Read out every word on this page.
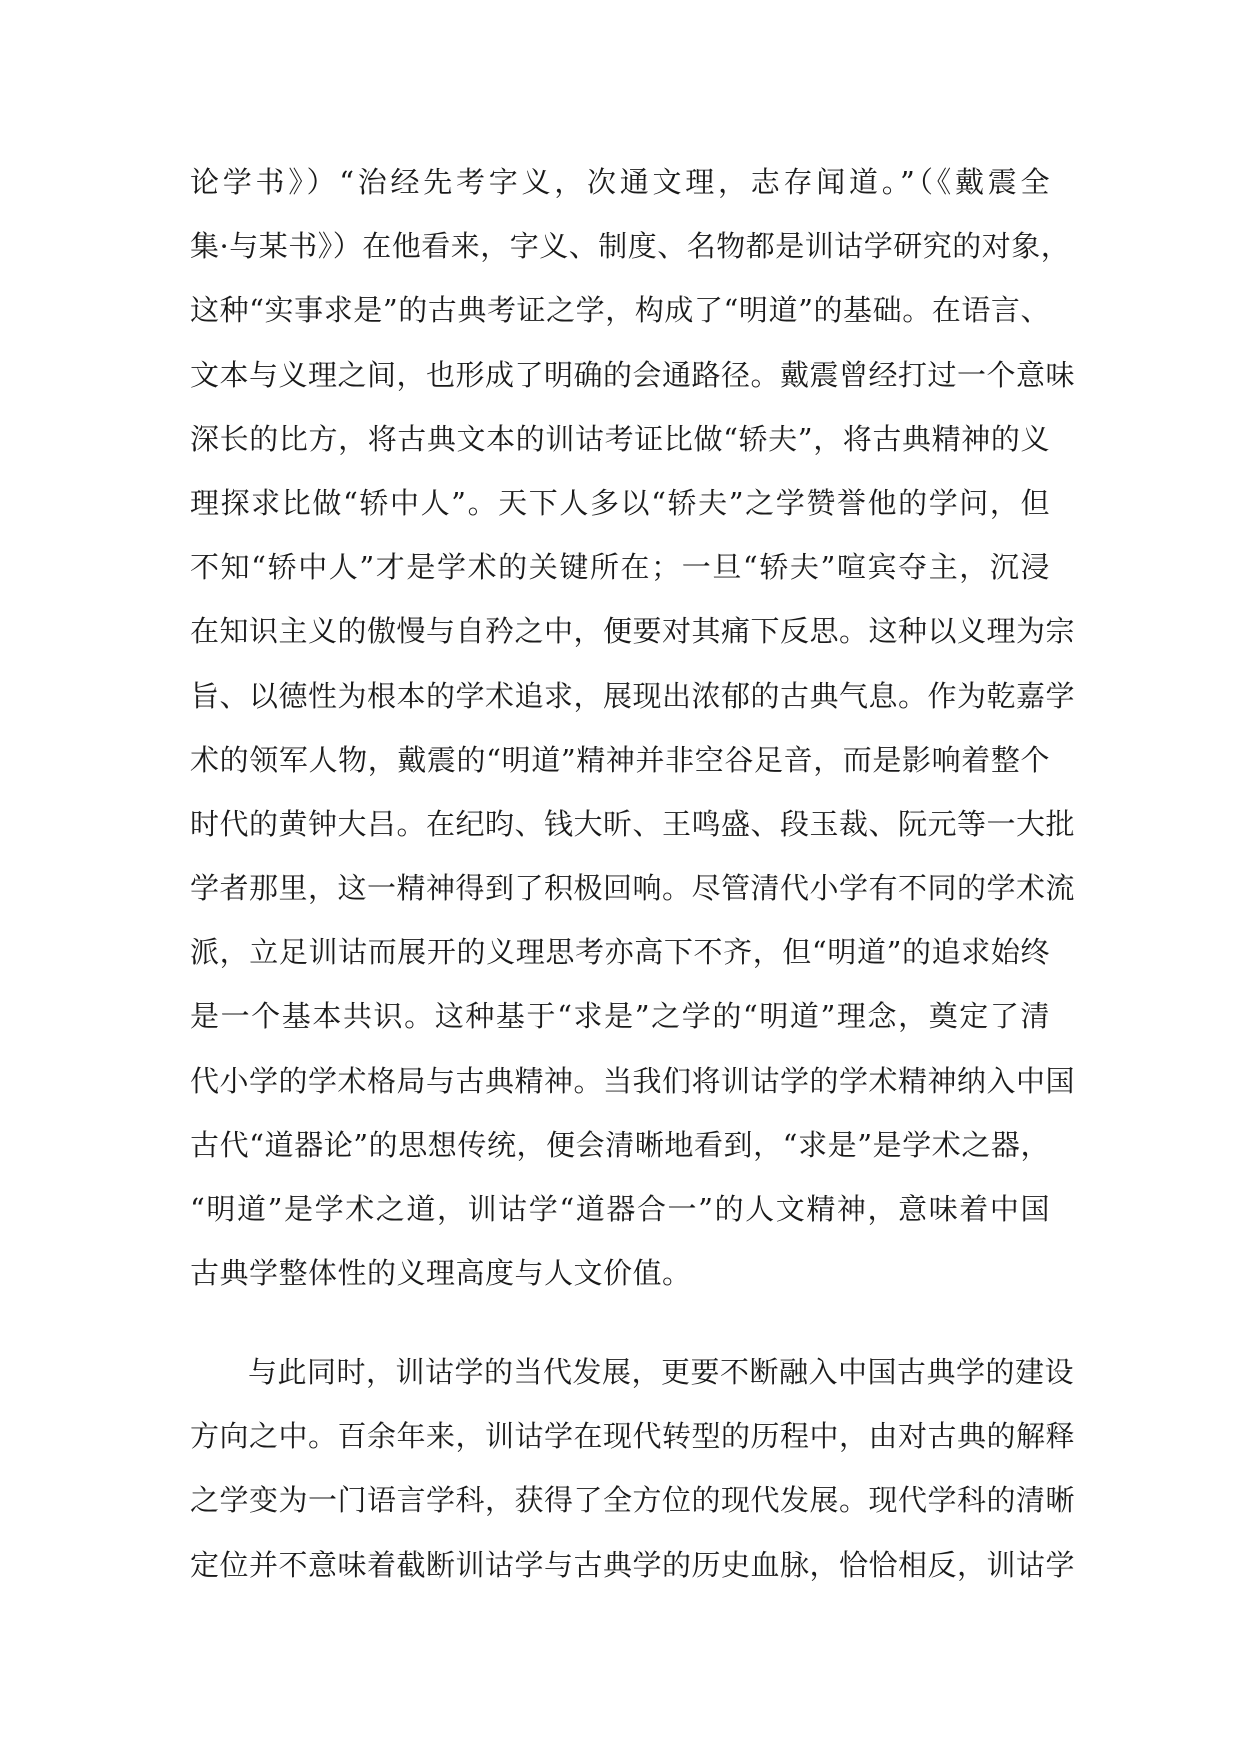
论学书》）“治经先考字义，次通文理，志存闻道。”（《戴震全
集·与某书》）在他看来，字义、制度、名物都是训诂学研究的对象，
这种“实事求是”的古典考证之学，构成了“明道”的基础。在语言、
文本与义理之间，也形成了明确的会通路径。戴震曾经打过一个意味
深长的比方，将古典文本的训诂考证比做“轿夫”，将古典精神的义
理探求比做“轿中人”。天下人多以“轿夫”之学赞誉他的学问，但
不知“轿中人”才是学术的关键所在；一旦“轿夫”喧宾夺主，沉浸
在知识主义的傲慢与自矜之中，便要对其痛下反思。这种以义理为宗
旨、以德性为根本的学术追求，展现出浓郁的古典气息。作为乾嘉学
术的领军人物，戴震的“明道”精神并非空谷足音，而是影响着整个
时代的黄钟大吕。在纪昀、钱大昕、王鸣盛、段玉裁、阮元等一大批
学者那里，这一精神得到了积极回响。尽管清代小学有不同的学术流
派，立足训诂而展开的义理思考亦高下不齐，但“明道”的追求始终
是一个基本共识。这种基于“求是”之学的“明道”理念，奠定了清
代小学的学术格局与古典精神。当我们将训诂学的学术精神纳入中国
古代“道器论”的思想传统，便会清晰地看到，“求是”是学术之器，
“明道”是学术之道，训诂学“道器合一”的人文精神，意味着中国
古典学整体性的义理高度与人文价值。
与此同时，训诂学的当代发展，更要不断融入中国古典学的建设
方向之中。百余年来，训诂学在现代转型的历程中，由对古典的解释
之学变为一门语言学科，获得了全方位的现代发展。现代学科的清晰
定位并不意味着截断训诂学与古典学的历史血脉，恰恰相反，训诂学
